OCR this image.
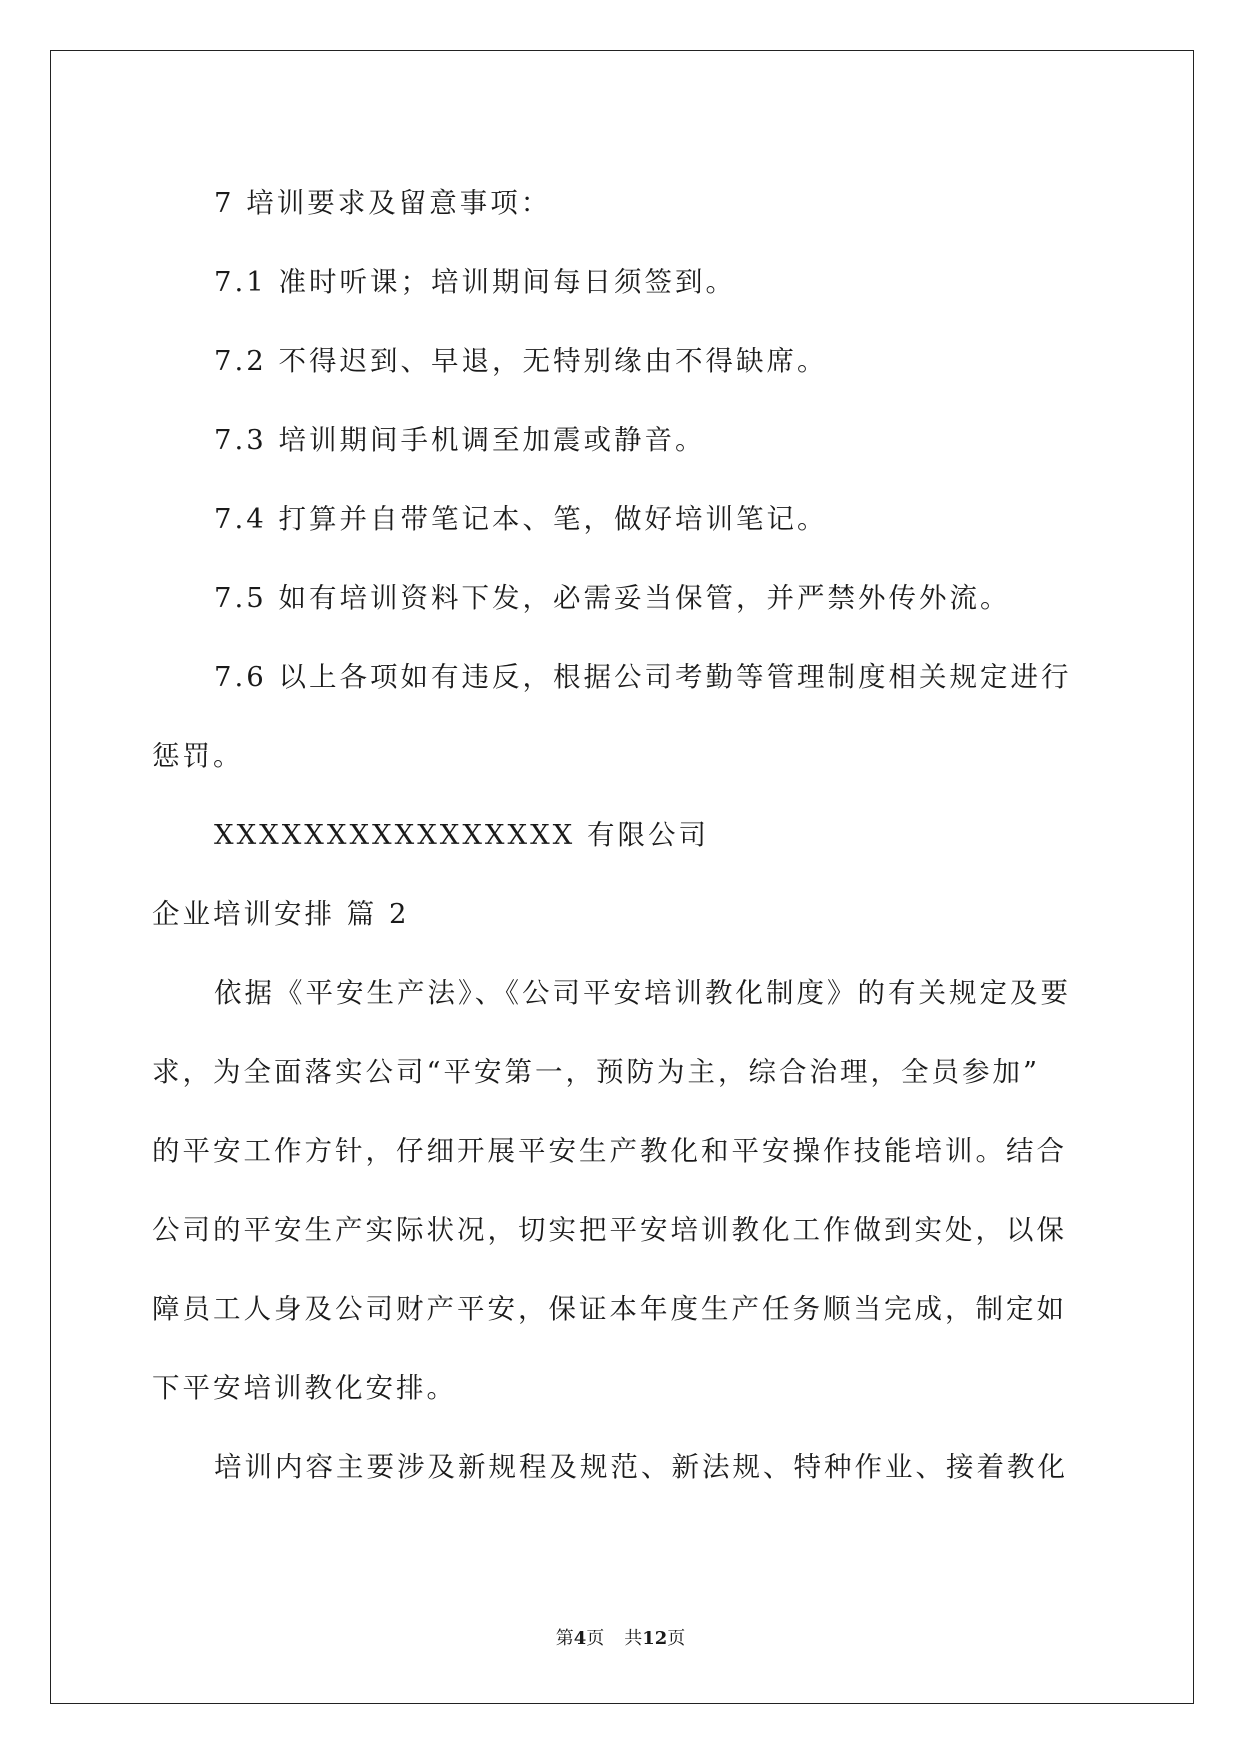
7 培训要求及留意事项：

7.1 准时听课；培训期间每日须签到。

7.2 不得迟到、早退，无特别缘由不得缺席。

7.3 培训期间手机调至加震或静音。

7.4 打算并自带笔记本、笔，做好培训笔记。

7.5 如有培训资料下发，必需妥当保管，并严禁外传外流。

7.6 以上各项如有违反，根据公司考勤等管理制度相关规定进行

惩罚。

XXXXXXXXXXXXXXXX 有限公司

企业培训安排 篇 2

依据《平安生产法》、《公司平安培训教化制度》的有关规定及要

求，为全面落实公司“平安第一，预防为主，综合治理，全员参加”

的平安工作方针，仔细开展平安生产教化和平安操作技能培训。结合

公司的平安生产实际状况，切实把平安培训教化工作做到实处，以保

障员工人身及公司财产平安，保证本年度生产任务顺当完成，制定如

下平安培训教化安排。

培训内容主要涉及新规程及规范、新法规、特种作业、接着教化

第4页 共12页
